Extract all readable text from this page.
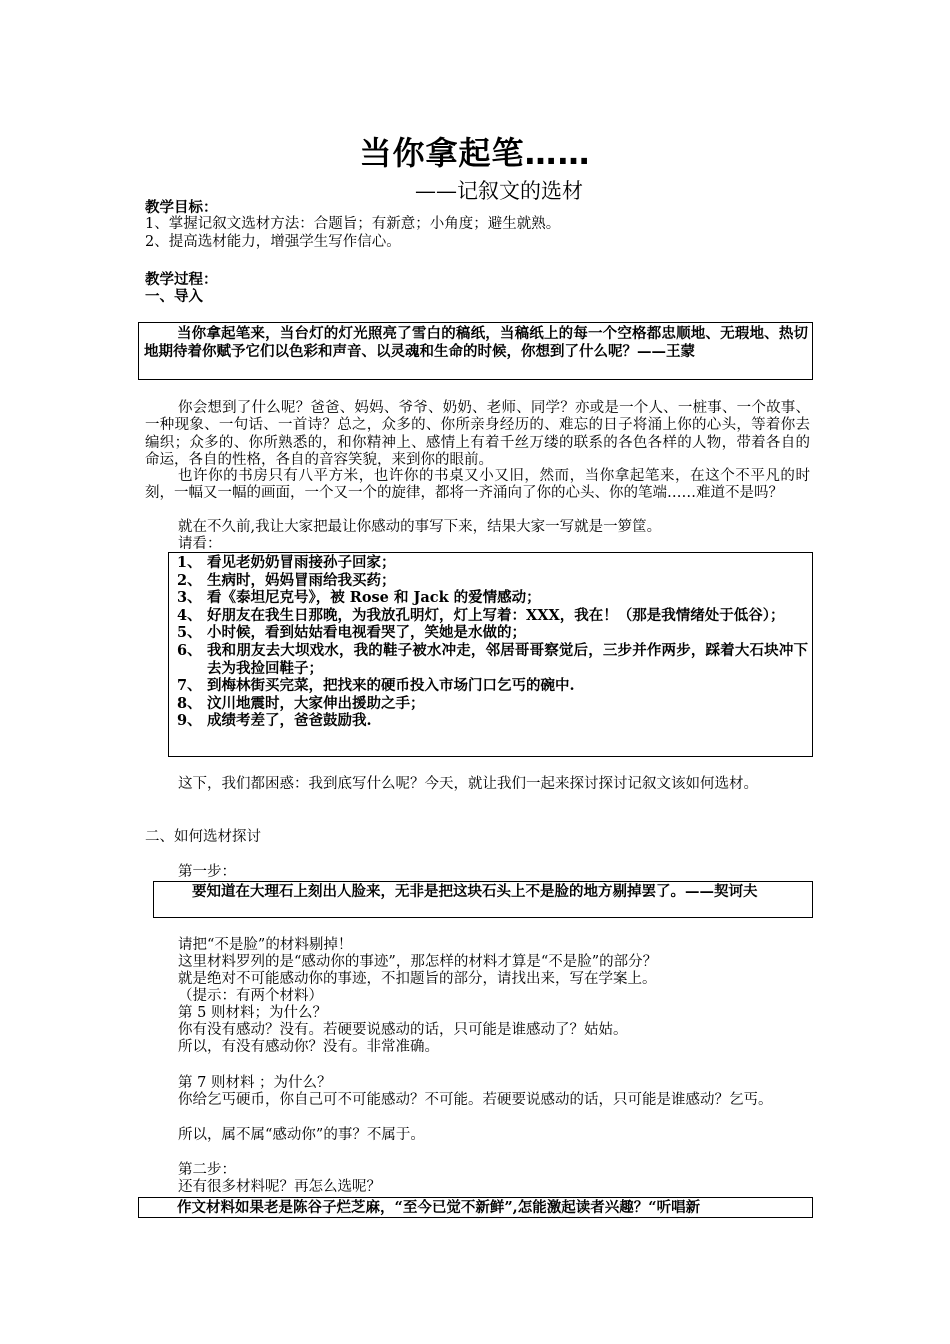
当你拿起笔……
——记叙文的选材
教学目标：
1、掌握记叙文选材方法：合题旨；有新意；小角度；避生就熟。
2、提高选材能力，增强学生写作信心。
教学过程：
一、导入
当你拿起笔来，当台灯的灯光照亮了雪白的稿纸，当稿纸上的每一个空格都忠顺地、无瑕地、热切地期待着你赋予它们以色彩和声音、以灵魂和生命的时候，你想到了什么呢？——王蒙
你会想到了什么呢？爸爸、妈妈、爷爷、奶奶、老师、同学？亦或是一个人、一桩事、一个故事、一种现象、一句话、一首诗？总之，众多的、你所亲身经历的、难忘的日子将涌上你的心头，等着你去编织；众多的、你所熟悉的，和你精神上、感情上有着千丝万缕的联系的各色各样的人物，带着各自的命运，各自的性格，各自的音容笑貌，来到你的眼前。
也许你的书房只有八平方米，也许你的书桌又小又旧，然而，当你拿起笔来，在这个不平凡的时刻，一幅又一幅的画面，一个又一个的旋律，都将一齐涌向了你的心头、你的笔端……难道不是吗？
就在不久前,我让大家把最让你感动的事写下来，结果大家一写就是一箩筐。
请看：
1、 看见老奶奶冒雨接孙子回家；
2、 生病时，妈妈冒雨给我买药；
3、 看《泰坦尼克号》，被 Rose 和 Jack 的爱情感动；
4、 好朋友在我生日那晚，为我放孔明灯，灯上写着：XXX，我在！（那是我情绪处于低谷）；
5、 小时候，看到姑姑看电视看哭了，笑她是水做的；
6、 我和朋友去大坝戏水，我的鞋子被水冲走，邻居哥哥察觉后，三步并作两步，踩着大石块冲下去为我捡回鞋子；
7、 到梅林街买完菜，把找来的硬币投入市场门口乞丐的碗中.
8、 汶川地震时，大家伸出援助之手；
9、 成绩考差了，爸爸鼓励我.
这下，我们都困惑：我到底写什么呢？今天，就让我们一起来探讨探讨记叙文该如何选材。
二、如何选材探讨
第一步：
要知道在大理石上刻出人脸来，无非是把这块石头上不是脸的地方剔掉罢了。——契诃夫
请把“不是脸”的材料剔掉！
这里材料罗列的是“感动你的事迹”，那怎样的材料才算是“不是脸”的部分？
就是绝对不可能感动你的事迹，不扣题旨的部分，请找出来，写在学案上。
（提示：有两个材料）
第 5 则材料；为什么？
你有没有感动？没有。若硬要说感动的话，只可能是谁感动了？姑姑。
所以，有没有感动你？没有。非常准确。
第 7 则材料 ；为什么？
你给乞丐硬币，你自己可不可能感动？不可能。若硬要说感动的话，只可能是谁感动？乞丐。
所以，属不属“感动你”的事？不属于。
第二步：
还有很多材料呢？再怎么选呢？
作文材料如果老是陈谷子烂芝麻，“至今已觉不新鲜”,怎能激起读者兴趣？“听唱新
